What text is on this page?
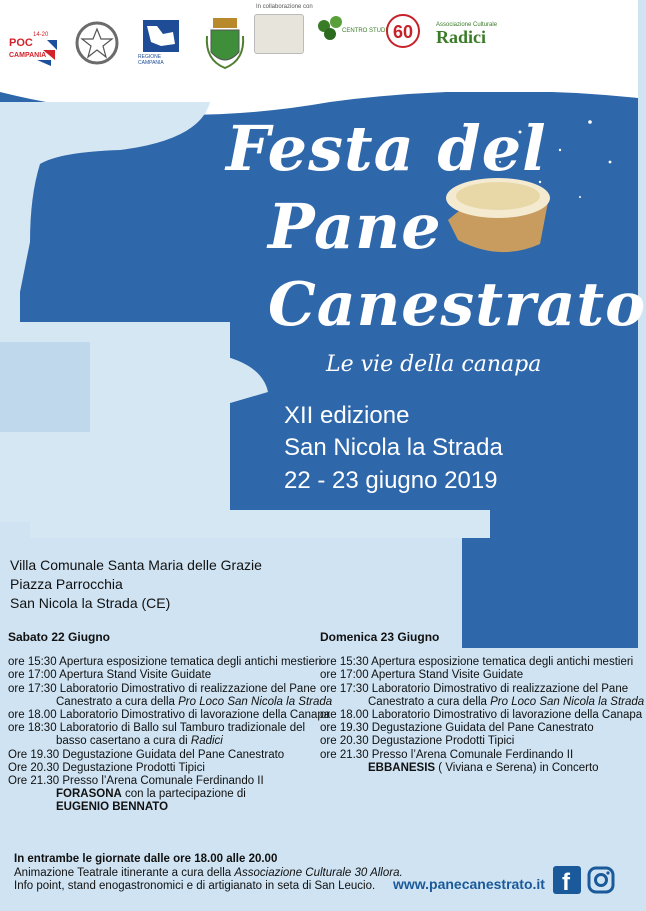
POC
CAMPANIA
14-20
REGIONE CAMPANIA
In collaborazione con
CENTRO STUDI 60	Associazione Culturale
Radici
Festa del
Pane
Canestrato
Le vie della canapa
XII edizione
San Nicola la Strada
22 - 23 giugno 2019
Villa Comunale Santa Maria delle Grazie
Piazza Parrocchia
San Nicola la Strada (CE)
Sabato 22 Giugno
ore 15:30 Apertura esposizione tematica degli antichi mestieri
ore 17:00 Apertura Stand Visite Guidate
ore 17:30 Laboratorio Dimostrativo di realizzazione del Pane
Canestrato a cura della Pro Loco San Nicola la Strada
ore 18.00 Laboratorio Dimostrativo di lavorazione della Canapa
ore 18:30 Laboratorio di Ballo sul Tamburo tradizionale del
basso casertano a cura di Radici
Ore 19.30 Degustazione Guidata del Pane Canestrato
Ore 20.30 Degustazione Prodotti Tipici
Ore 21.30 Presso l’Arena Comunale Ferdinando II
FORASONA con la partecipazione di
EUGENIO BENNATO
Domenica 23 Giugno
ore 15:30 Apertura esposizione tematica degli antichi mestieri
ore 17:00 Apertura Stand Visite Guidate
ore 17:30 Laboratorio Dimostrativo di realizzazione del Pane
Canestrato a cura della Pro Loco San Nicola la Strada
ore 18.00 Laboratorio Dimostrativo di lavorazione della Canapa
ore 19.30 Degustazione Guidata del Pane Canestrato
ore 20.30 Degustazione Prodotti Tipici
ore 21.30 Presso l’Arena Comunale Ferdinando II
EBBANESIS ( Viviana e Serena) in Concerto
In entrambe le giornate dalle ore 18.00 alle 20.00
Animazione Teatrale itinerante a cura della Associazione Culturale 30 Allora.
Info point, stand enogastronomici e di artigianato in seta di San Leucio.	www.panecanestrato.it f
